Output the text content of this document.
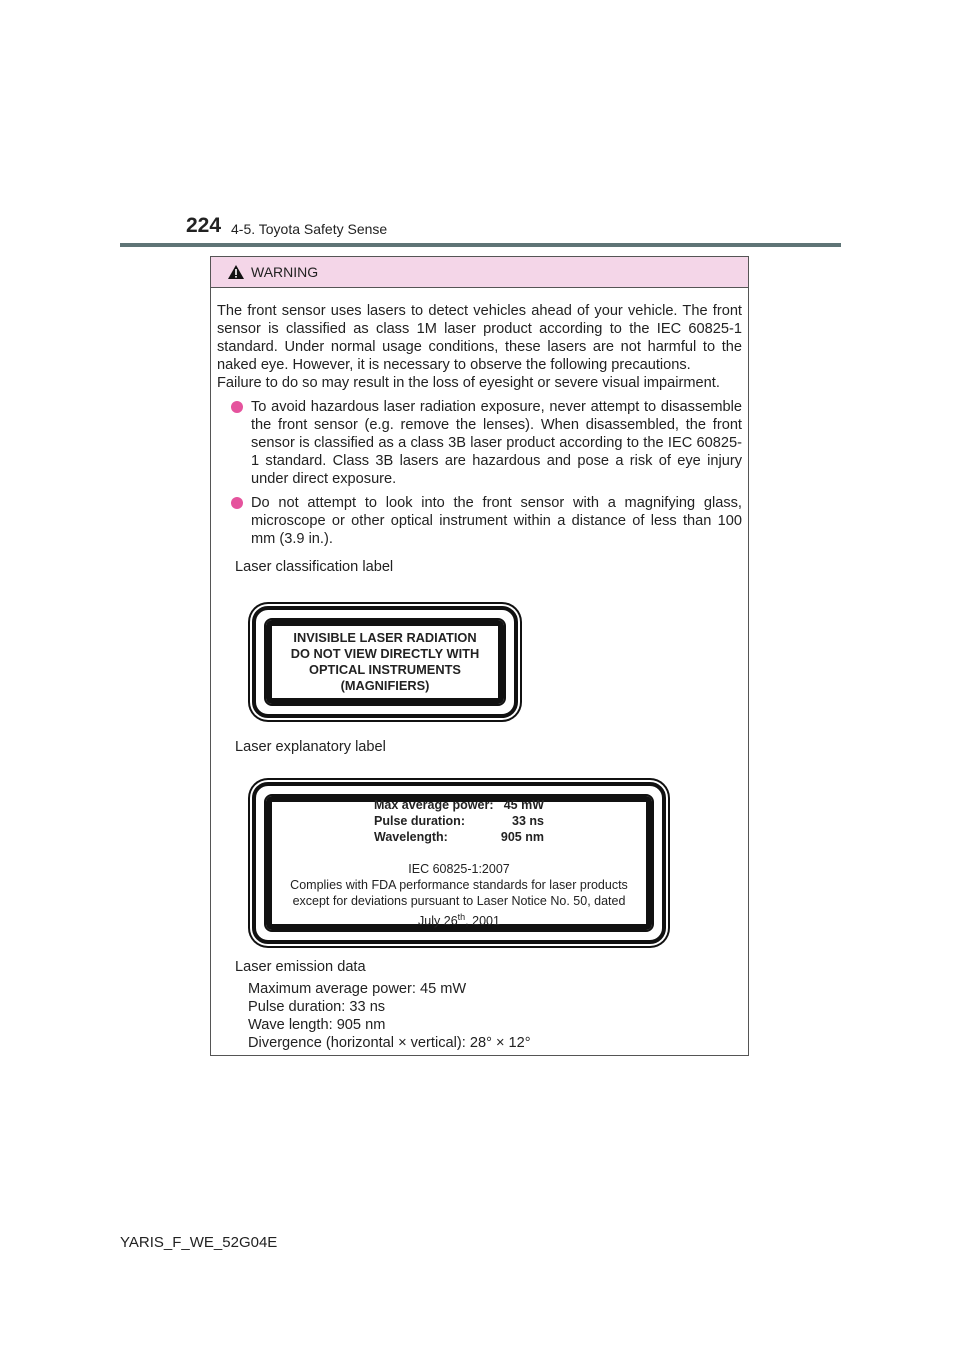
224 4-5. Toyota Safety Sense
WARNING

The front sensor uses lasers to detect vehicles ahead of your vehicle. The front sensor is classified as class 1M laser product according to the IEC 60825-1 standard. Under normal usage conditions, these lasers are not harmful to the naked eye. However, it is necessary to observe the following precautions.

Failure to do so may result in the loss of eyesight or severe visual impairment.

To avoid hazardous laser radiation exposure, never attempt to disassemble the front sensor (e.g. remove the lenses). When disassembled, the front sensor is classified as a class 3B laser product according to the IEC 60825-1 standard. Class 3B lasers are hazardous and pose a risk of eye injury under direct exposure.
Do not attempt to look into the front sensor with a magnifying glass, microscope or other optical instrument within a distance of less than 100 mm (3.9 in.).
Laser classification label
INVISIBLE LASER RADIATION
DO NOT VIEW DIRECTLY WITH
OPTICAL INSTRUMENTS
(MAGNIFIERS)
Laser explanatory label
Max average power: 45 mW
Pulse duration:	33 ns
Wavelength:	905 nm
IEC 60825-1:2007
Complies with FDA performance standards for laser products
except for deviations pursuant to Laser Notice No. 50, dated
July 26th, 2001
Laser emission data
Maximum average power: 45 mW
Pulse duration: 33 ns
Wave length: 905 nm
Divergence (horizontal × vertical): 28° × 12°
YARIS_F_WE_52G04E
